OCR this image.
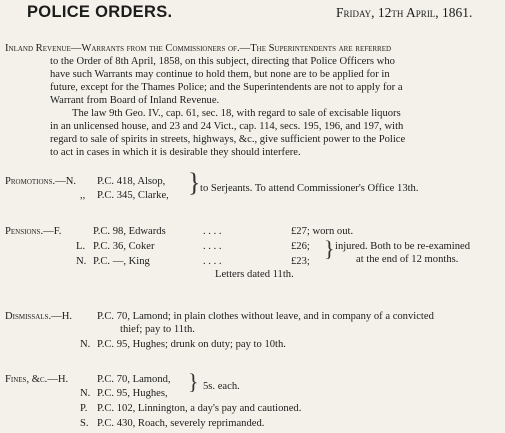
POLICE ORDERS.	Friday, 12th April, 1861.
Inland Revenue—Warrants from the Commissioners of.—The Superintendents are referred
to the Order of 8th April, 1858, on this subject, directing that Police Officers who
have such Warrants may continue to hold them, but none are to be applied for in
future, except for the Thames Police; and the Superintendents are not to apply for a
Warrant from Board of Inland Revenue.
The law 9th Geo. IV., cap. 61, sec. 18, with regard to sale of excisable liquors
in an unlicensed house, and 23 and 24 Vict., cap. 114, secs. 195, 196, and 197, with
regard to sale of spirits in streets, highways, &c., give sufficient power to the Police
to act in cases in which it is desirable they should interfere.
Promotions.—N. P.C. 418, Alsop,
,, P.C. 345, Clarke, } to Serjeants. To attend Commissioner's Office 13th.
Pensions.—F.	P.C. 98, Edwards	. . . .	£27; worn out.
L. P.C. 36, Coker	. . . .	£26;
N. P.C. —, King	. . . .	£23;
} injured. Both to be re-examined
at the end of 12 months.
Letters dated 11th.
Dismissals.—H. P.C. 70, Lamond; in plain clothes without leave, and in company of a convicted
thief; pay to 11th.
N. P.C. 95, Hughes; drunk on duty; pay to 10th.
Fines, &c.—H.	P.C. 70, Lamond,
N. P.C. 95, Hughes, } 5s. each.
P. P.C. 102, Linnington, a day's pay and cautioned.
S. P.C. 430, Roach, severely reprimanded.
